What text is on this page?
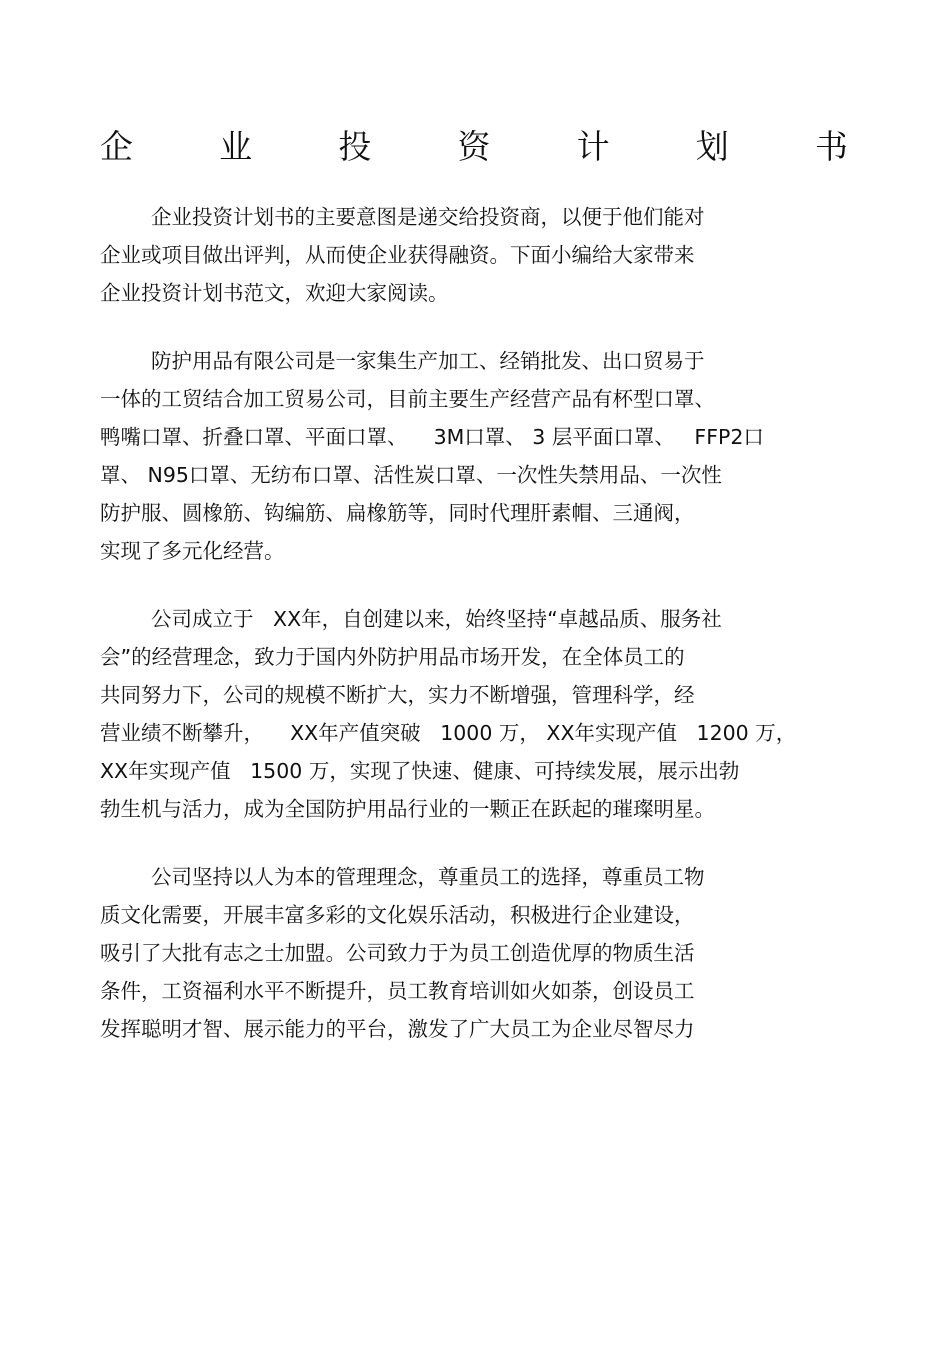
企	业	投	资	计	划	书
企业投资计划书的主要意图是递交给投资商，以便于他们能对
企业或项目做出评判，从而使企业获得融资。下面小编给大家带来
企业投资计划书范文，欢迎大家阅读。
防护用品有限公司是一家集生产加工、经销批发、出口贸易于
一体的工贸结合加工贸易公司，目前主要生产经营产品有杯型口罩、
鸭嘴口罩、折叠口罩、平面口罩、    3M口罩、 3 层平面口罩、   FFP2口
罩、 N95口罩、无纺布口罩、活性炭口罩、一次性失禁用品、一次性
防护服、圆橡筋、钩编筋、扁橡筋等，同时代理肝素帽、三通阀，
实现了多元化经营。
公司成立于   XX年，自创建以来，始终坚持“卓越品质、服务社
会”的经营理念，致力于国内外防护用品市场开发，在全体员工的
共同努力下，公司的规模不断扩大，实力不断增强，管理科学，经
营业绩不断攀升，    XX年产值突破   1000 万， XX年实现产值   1200 万，
XX年实现产值   1500 万，实现了快速、健康、可持续发展，展示出勃
勃生机与活力，成为全国防护用品行业的一颗正在跃起的璀璨明星。
公司坚持以人为本的管理理念，尊重员工的选择，尊重员工物
质文化需要，开展丰富多彩的文化娱乐活动，积极进行企业建设，
吸引了大批有志之士加盟。公司致力于为员工创造优厚的物质生活
条件，工资福利水平不断提升，员工教育培训如火如荼，创设员工
发挥聪明才智、展示能力的平台，激发了广大员工为企业尽智尽力
